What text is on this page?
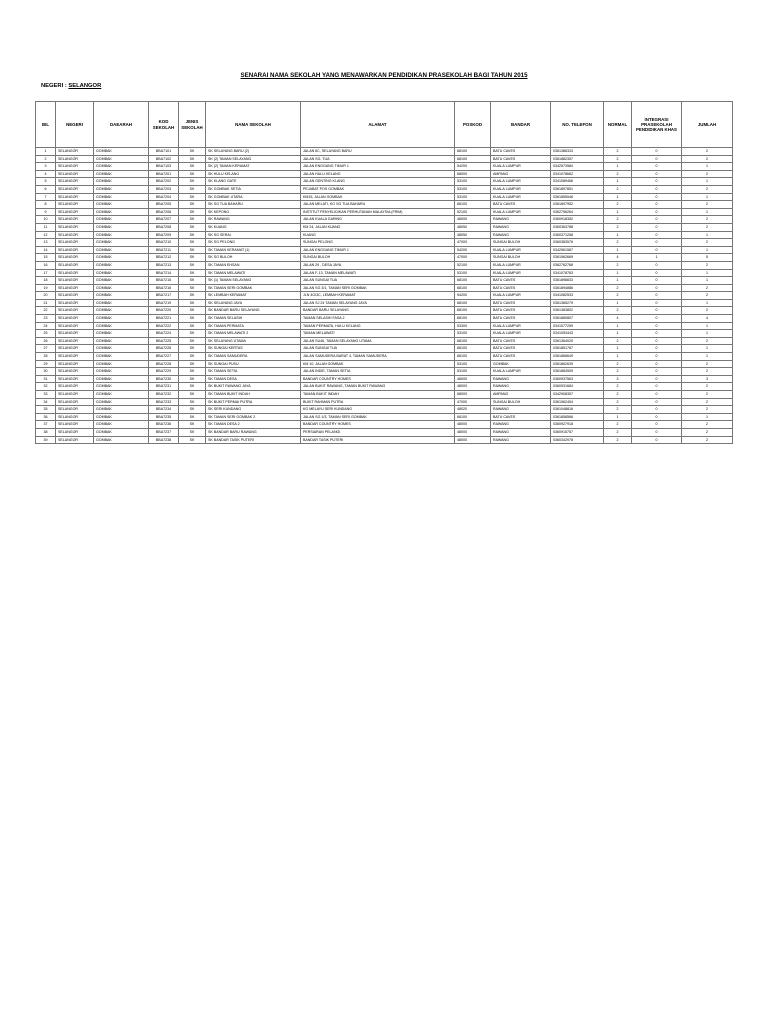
SENARAI NAMA SEKOLAH YANG MENAWARKAN PENDIDIKAN PRASEKOLAH BAGI TAHUN 2015
NEGERI : SELANGOR
BIL	NEGERI	DAEARAH	KOD SEKOLAH	JENIS SEKOLAH	NAMA SEKOLAH	ALAMAT	POSKOD	BANDAR	NO. TELEFON	NORMAL	INTEGRASI PRASEKOLAH PENDIDIKAN KHAS	JUMLAH
1	SELANGOR	GOMBAK	BBA7101	SK	SK SELAYANG BARU (2)	JALAN 6C, SELAYANG BARU	68100	BATU CAVES	0361386333	2	0	2
2	SELANGOR	GOMBAK	BBA7102	SK	SK (2) TAMAN SELAYANG	JALAN SG. TUA	68100	BATU CAVES	0361882357	2	0	2
3	SELANGOR	GOMBAK	BBA7103	SK	SK (2) TAMAN KERAMAT	JALAN ENGGANG TIMUR 1	54200	KUALA LUMPUR	0342573584	1	0	1
4	SELANGOR	GOMBAK	BBA7201	SK	SK HULU KELANG	JALAN HULU KELANG	68000	AMPANG	0341078662	2	0	2
5	SELANGOR	GOMBAK	BBA7202	SK	SK KLANG GATE	JALAN GENTING KLANG	53100	KUALA LUMPUR	0341089466	1	0	1
6	SELANGOR	GOMBAK	BBA7203	SK	SK GOMBAK SETIA	PEJABAT POS GOMBAK	53100	KUALA LUMPUR	0361897851	2	0	2
7	SELANGOR	GOMBAK	BBA7204	SK	SK GOMBAK UTARA	KM15, JALAN GOMBAK	53100	KUALA LUMPUR	0361855546	1	0	1
8	SELANGOR	GOMBAK	BBA7205	SK	SK SG TUA BAHARU	JALAN MELATI, KG SG TUA BAHARU	68100	BATU CAVES	0361897952	2	0	2
9	SELANGOR	GOMBAK	BBA7206	SK	SK KEPONG	INSTITUT PENYELIDIKAN PERHUTANAN MALAYSIA (FRIM)	52100	KUALA LUMPUR	0362756264	1	0	1
10	SELANGOR	GOMBAK	BBA7207	SK	SK RAWANG	JALAN KUALA GARING	48000	RAWANG	0360918352	2	0	2
11	SELANGOR	GOMBAK	BBA7208	SK	SK KUANG	KM 24, JALAN KUANG	48050	RAWANG	0360363788	2	0	2
12	SELANGOR	GOMBAK	BBA7209	SK	SK SG SERAI	KUANG	48050	RAWANG	0360371258	1	0	1
13	SELANGOR	GOMBAK	BBA7210	SK	SK SG PELONG	SUNGAI PELONG	47000	SUNGAI BULOH	0360383576	2	0	2
14	SELANGOR	GOMBAK	BBA7211	SK	SK TAMAN KERAMAT (1)	JALAN ENGGANG TIMUR 1	54200	KUALA LUMPUR	0342561567	1	0	1
15	SELANGOR	GOMBAK	BBA7212	SK	SK SG BULOH	SUNGAI BULOH	47000	SUNGAI BULOH	0361562669	4	1	5
16	SELANGOR	GOMBAK	BBA7213	SK	SK TAMAN EHSAN	JALAN 29 , DESA JAYA	52100	KUALA LUMPUR	0362762768	2	0	2
17	SELANGOR	GOMBAK	BBA7214	SK	SK TAMAN MELAWATI	JALAN F-13, TAMAN MELAWATI	53100	KUALA LUMPUR	0341078763	1	0	1
18	SELANGOR	GOMBAK	BBA7215	SK	SK (1) TAMAN SELAYANG	JALAN SUNGAI TUA	68100	BATU CAVES	0361898833	1	0	1
19	SELANGOR	GOMBAK	BBA7216	SK	SK TAMAN SERI GOMBAK	JALAN SG 3/1, TAMAN SERI GOMBAK	68100	BATU CAVES	0361894886	2	0	2
20	SELANGOR	GOMBAK	BBA7217	SK	SK LEMBAH KERAMAT	JLN 4G/3C, LEMBAH KERAMAT	54200	KUALA LUMPUR	0341082533	2	0	2
21	SELANGOR	GOMBAK	BBA7219	SK	SK SELAYANG JAYA	JALAN SJ 24 TAMAN SELAYANG JAYA	68100	BATU CAVES	0361385279	1	0	1
22	SELANGOR	GOMBAK	BBA7220	SK	SK BANDAR BARU SELAYANG	BANDAR BARU SELAYANG	68100	BATU CAVES	0361383802	2	0	2
23	SELANGOR	GOMBAK	BBA7221	SK	SK TAMAN SELASIH	TAMAN SELASIH FASA 2	68100	BATU CAVES	0361880807	4	0	4
24	SELANGOR	GOMBAK	BBA7222	SK	SK TAMAN PERMATA	TAMAN PERMATA, HULU KELANG	53300	KUALA LUMPUR	0341077259	1	0	1
25	SELANGOR	GOMBAK	BBA7224	SK	SK TAMAN MELAWATI 2	TAMAN MELAWATI	53100	KUALA LUMPUR	0341053443	1	0	1
26	SELANGOR	GOMBAK	BBA7225	SK	SK SELAYANG UTAMA	JALAN SU46, TAMAN SELAYANG UTAMA	68100	BATU CAVES	0361364020	2	0	2
27	SELANGOR	GOMBAK	BBA7226	SK	SK SUNGAI KERTAS	JALAN SUNGAI TUA	68100	BATU CAVES	0361851767	1	0	1
28	SELANGOR	GOMBAK	BBA7227	SK	SK TAMAN SAMUDERA	JALAN SAMUDERA BARAT 4, TAMAN SAMUDERA	68100	BATU CAVES	0361866649	1	0	1
29	SELANGOR	GOMBAK	BBA7228	SK	SK SUNGAI PUSU	KM 10, JALAN GOMBAK	53100	GOMBAK	0361862639	2	0	2
30	SELANGOR	GOMBAK	BBA7229	SK	SK TAMAN SETIA	JALAN INDIE, TAMAN SETIA	53100	KUALA LUMPUR	0361884509	2	0	2
31	SELANGOR	GOMBAK	BBA7230	SK	SK TAMAN DESA	BANDAR COUNTRY HOMES	48000	RAWANG	0360937563	3	0	3
32	SELANGOR	GOMBAK	BBA7231	SK	SK BUKIT RAWANG JAYA	JALAN BUKIT RAWANG, TAMAN BUKIT RAWANG	48000	RAWANG	0360931684	2	0	2
33	SELANGOR	GOMBAK	BBA7232	SK	SK TAMAN BUKIT INDAH	TAMAN BUKIT INDAH	68000	AMPANG	0342908357	2	0	2
34	SELANGOR	GOMBAK	BBA7233	SK	SK BUKIT PERMAI PUTRA	BUKIT RAHMAN PUTRA	47000	SUNGAI BULOH	0361562454	2	0	2
35	SELANGOR	GOMBAK	BBA7234	SK	SK SERI KUNDANG	KG MELAYU SERI KUNDANG	48020	RAWANG	0361048816	2	0	2
36	SELANGOR	GOMBAK	BBA7235	SK	SK TAMAN SERI GOMBAK 2	JALAN SG 1/3, TAMAN SERI GOMBAK	68100	BATU CAVES	0361858566	1	0	1
37	SELANGOR	GOMBAK	BBA7236	SK	SK TAMAN DESA 2	BANDAR COUNTRY HOMES	48000	RAWANG	0360927918	2	0	2
38	SELANGOR	GOMBAK	BBA7237	SK	SK BANDAR BARU RAWANG	PERSIARAN PELANGI	48000	RAWANG	0360915757	2	0	2
39	SELANGOR	GOMBAK	BBA7238	SK	SK BANDAR TASIK PUTERI	BANDAR TASIK PUTERI	48000	RAWANG	0360342978	2	0	2
